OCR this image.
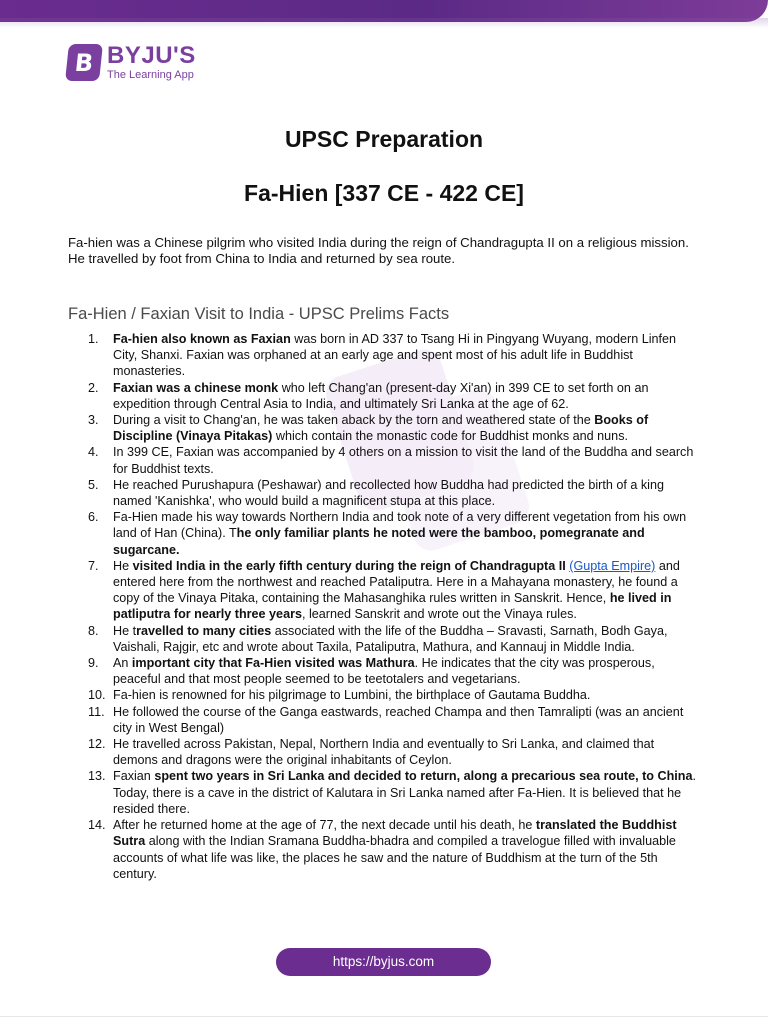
B BYJU'S
The Learning App
UPSC Preparation
Fa-Hien [337 CE - 422 CE]
Fa-hien was a Chinese pilgrim who visited India during the reign of Chandragupta II on a religious mission. He travelled by foot from China to India and returned by sea route.
Fa-Hien / Faxian Visit to India - UPSC Prelims Facts
1. Fa-hien also known as Faxian was born in AD 337 to Tsang Hi in Pingyang Wuyang, modern Linfen City, Shanxi. Faxian was orphaned at an early age and spent most of his adult life in Buddhist monasteries.
2. Faxian was a chinese monk who left Chang'an (present-day Xi'an) in 399 CE to set forth on an expedition through Central Asia to India, and ultimately Sri Lanka at the age of 62.
3. During a visit to Chang'an, he was taken aback by the torn and weathered state of the Books of Discipline (Vinaya Pitakas) which contain the monastic code for Buddhist monks and nuns.
4. In 399 CE, Faxian was accompanied by 4 others on a mission to visit the land of the Buddha and search for Buddhist texts.
5. He reached Purushapura (Peshawar) and recollected how Buddha had predicted the birth of a king named 'Kanishka', who would build a magnificent stupa at this place.
6. Fa-Hien made his way towards Northern India and took note of a very different vegetation from his own land of Han (China). The only familiar plants he noted were the bamboo, pomegranate and sugarcane.
7. He visited India in the early fifth century during the reign of Chandragupta II (Gupta Empire) and entered here from the northwest and reached Pataliputra. Here in a Mahayana monastery, he found a copy of the Vinaya Pitaka, containing the Mahasanghika rules written in Sanskrit. Hence, he lived in patliputra for nearly three years, learned Sanskrit and wrote out the Vinaya rules.
8. He travelled to many cities associated with the life of the Buddha – Sravasti, Sarnath, Bodh Gaya, Vaishali, Rajgir, etc and wrote about Taxila, Pataliputra, Mathura, and Kannauj in Middle India.
9. An important city that Fa-Hien visited was Mathura. He indicates that the city was prosperous, peaceful and that most people seemed to be teetotalers and vegetarians.
10. Fa-hien is renowned for his pilgrimage to Lumbini, the birthplace of Gautama Buddha.
11. He followed the course of the Ganga eastwards, reached Champa and then Tamralipti (was an ancient city in West Bengal)
12. He travelled across Pakistan, Nepal, Northern India and eventually to Sri Lanka, and claimed that demons and dragons were the original inhabitants of Ceylon.
13. Faxian spent two years in Sri Lanka and decided to return, along a precarious sea route, to China. Today, there is a cave in the district of Kalutara in Sri Lanka named after Fa-Hien. It is believed that he resided there.
14. After he returned home at the age of 77, the next decade until his death, he translated the Buddhist Sutra along with the Indian Sramana Buddha-bhadra and compiled a travelogue filled with invaluable accounts of what life was like, the places he saw and the nature of Buddhism at the turn of the 5th century.
https://byjus.com
